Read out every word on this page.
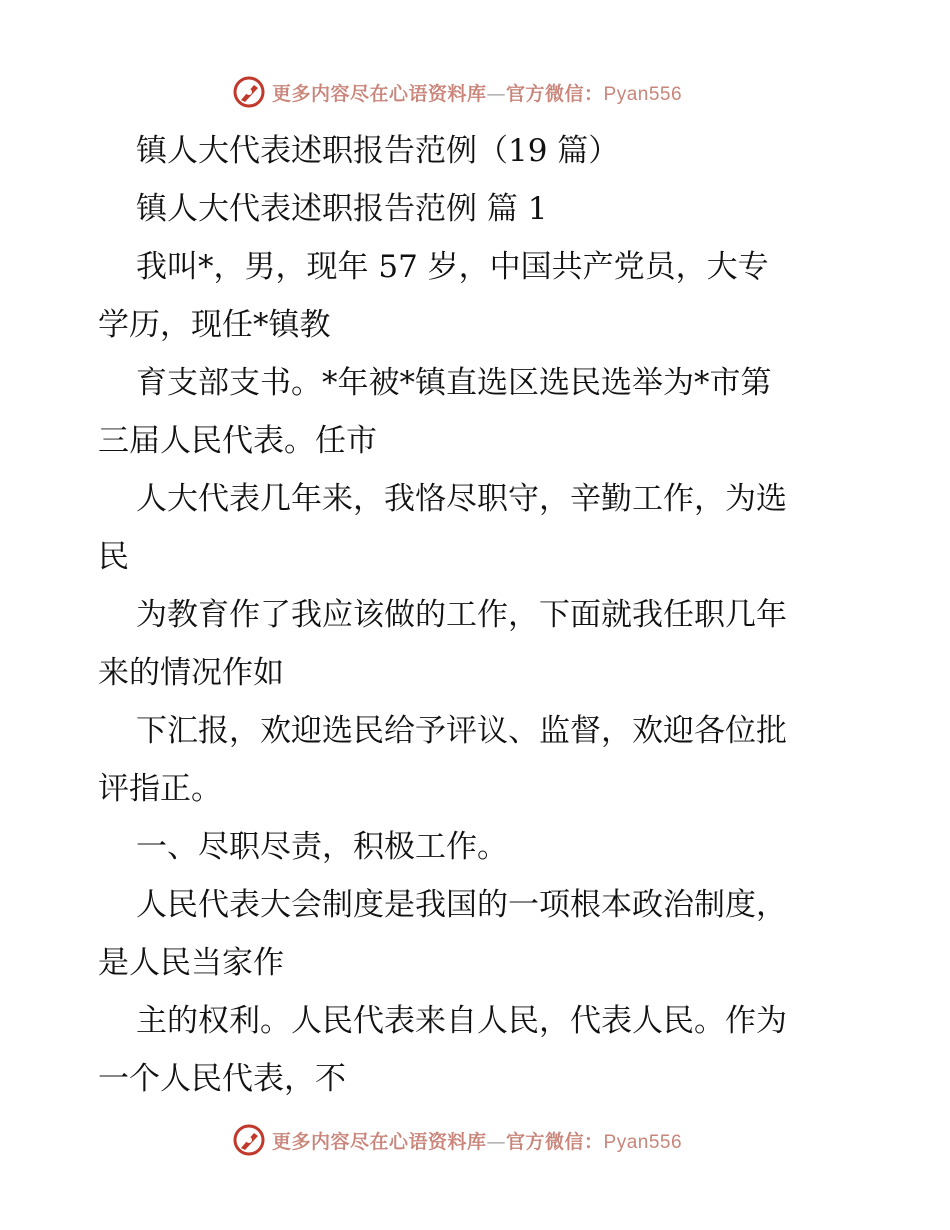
更多内容尽在心语资料库—官方微信：Pyan556
镇人大代表述职报告范例（19 篇）
镇人大代表述职报告范例 篇 1
我叫*，男，现年 57 岁，中国共产党员，大专
学历，现任*镇教
育支部支书。*年被*镇直选区选民选举为*市第
三届人民代表。任市
人大代表几年来，我恪尽职守，辛勤工作，为选
民
为教育作了我应该做的工作，下面就我任职几年
来的情况作如
下汇报，欢迎选民给予评议、监督，欢迎各位批
评指正。
一、尽职尽责，积极工作。
人民代表大会制度是我国的一项根本政治制度，
是人民当家作
主的权利。人民代表来自人民，代表人民。作为
一个人民代表，不
更多内容尽在心语资料库—官方微信：Pyan556
